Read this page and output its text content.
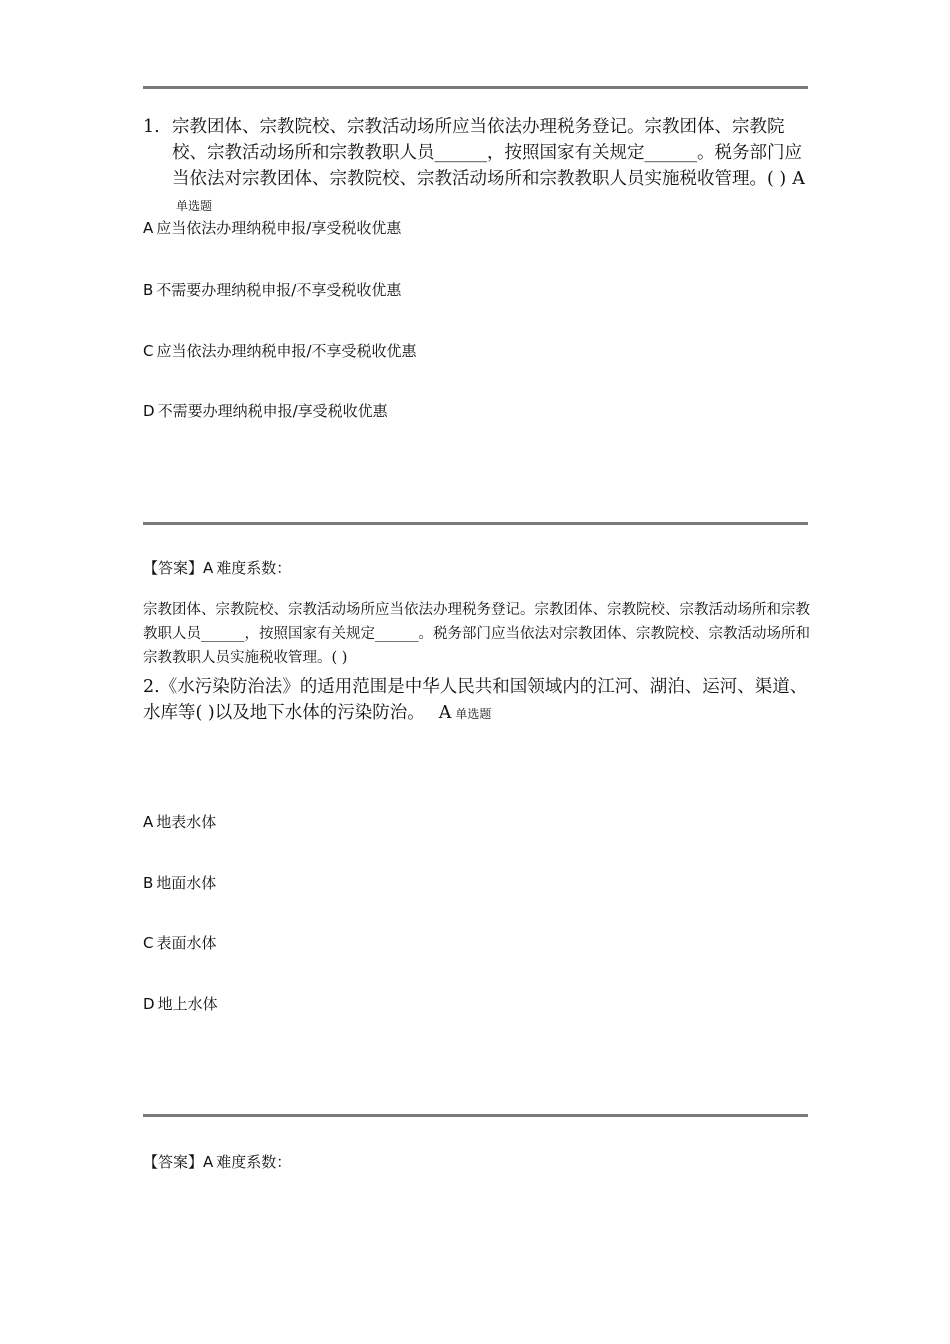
1. 宗教团体、宗教院校、宗教活动场所应当依法办理税务登记。宗教团体、宗教院校、宗教活动场所和宗教教职人员______，按照国家有关规定______。税务部门应当依法对宗教团体、宗教院校、宗教活动场所和宗教教职人员实施税收管理。( ) A单选题
A 应当依法办理纳税申报/享受税收优惠
B 不需要办理纳税申报/不享受税收优惠
C 应当依法办理纳税申报/不享受税收优惠
D 不需要办理纳税申报/享受税收优惠
【答案】A 难度系数：
宗教团体、宗教院校、宗教活动场所应当依法办理税务登记。宗教团体、宗教院校、宗教活动场所和宗教教职人员______，按照国家有关规定______。税务部门应当依法对宗教团体、宗教院校、宗教活动场所和宗教教职人员实施税收管理。( )
2.《水污染防治法》的适用范围是中华人民共和国领域内的江河、湖泊、运河、渠道、水库等( )以及地下水体的污染防治。 A 单选题
A 地表水体
B 地面水体
C 表面水体
D 地上水体
【答案】A 难度系数：
